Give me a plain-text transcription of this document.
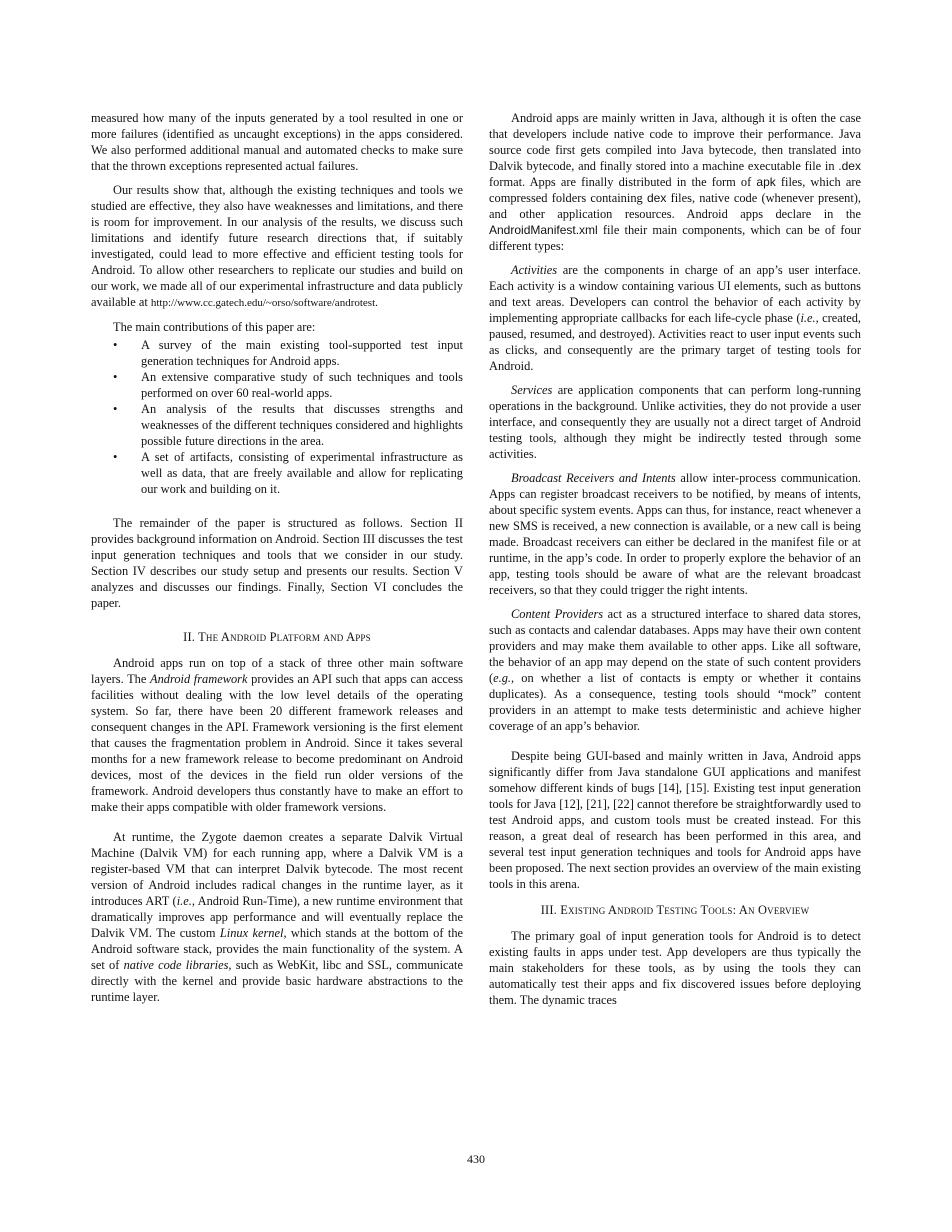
measured how many of the inputs generated by a tool resulted in one or more failures (identified as uncaught exceptions) in the apps considered. We also performed additional manual and automated checks to make sure that the thrown exceptions represented actual failures.

Our results show that, although the existing techniques and tools we studied are effective, they also have weaknesses and limitations, and there is room for improvement. In our analysis of the results, we discuss such limitations and identify future research directions that, if suitably investigated, could lead to more effective and efficient testing tools for Android. To allow other researchers to replicate our studies and build on our work, we made all of our experimental infrastructure and data publicly available at http://www.cc.gatech.edu/~orso/software/androtest.

The main contributions of this paper are:

• A survey of the main existing tool-supported test input generation techniques for Android apps.
• An extensive comparative study of such techniques and tools performed on over 60 real-world apps.
• An analysis of the results that discusses strengths and weaknesses of the different techniques considered and highlights possible future directions in the area.
• A set of artifacts, consisting of experimental infrastructure as well as data, that are freely available and allow for replicating our work and building on it.

The remainder of the paper is structured as follows. Section II provides background information on Android. Section III discusses the test input generation techniques and tools that we consider in our study. Section IV describes our study setup and presents our results. Section V analyzes and discusses our findings. Finally, Section VI concludes the paper.

II. The Android Platform and Apps

Android apps run on top of a stack of three other main software layers. The Android framework provides an API such that apps can access facilities without dealing with the low level details of the operating system. So far, there have been 20 different framework releases and consequent changes in the API. Framework versioning is the first element that causes the fragmentation problem in Android. Since it takes several months for a new framework release to become predominant on Android devices, most of the devices in the field run older versions of the framework. Android developers thus constantly have to make an effort to make their apps compatible with older framework versions.

At runtime, the Zygote daemon creates a separate Dalvik Virtual Machine (Dalvik VM) for each running app, where a Dalvik VM is a register-based VM that can interpret Dalvik bytecode. The most recent version of Android includes radical changes in the runtime layer, as it introduces ART (i.e., Android Run-Time), a new runtime environment that dramatically improves app performance and will eventually replace the Dalvik VM. The custom Linux kernel, which stands at the bottom of the Android software stack, provides the main functionality of the system. A set of native code libraries, such as WebKit, libc and SSL, communicate directly with the kernel and provide basic hardware abstractions to the runtime layer.

Android apps are mainly written in Java, although it is often the case that developers include native code to improve their performance. Java source code first gets compiled into Java bytecode, then translated into Dalvik bytecode, and finally stored into a machine executable file in .dex format. Apps are finally distributed in the form of apk files, which are compressed folders containing dex files, native code (whenever present), and other application resources. Android apps declare in the AndroidManifest.xml file their main components, which can be of four different types:

Activities are the components in charge of an app’s user interface. Each activity is a window containing various UI elements, such as buttons and text areas. Developers can control the behavior of each activity by implementing appropriate callbacks for each life-cycle phase (i.e., created, paused, resumed, and destroyed). Activities react to user input events such as clicks, and consequently are the primary target of testing tools for Android.

Services are application components that can perform long-running operations in the background. Unlike activities, they do not provide a user interface, and consequently they are usually not a direct target of Android testing tools, although they might be indirectly tested through some activities.

Broadcast Receivers and Intents allow inter-process communication. Apps can register broadcast receivers to be notified, by means of intents, about specific system events. Apps can thus, for instance, react whenever a new SMS is received, a new connection is available, or a new call is being made. Broadcast receivers can either be declared in the manifest file or at runtime, in the app’s code. In order to properly explore the behavior of an app, testing tools should be aware of what are the relevant broadcast receivers, so that they could trigger the right intents.

Content Providers act as a structured interface to shared data stores, such as contacts and calendar databases. Apps may have their own content providers and may make them available to other apps. Like all software, the behavior of an app may depend on the state of such content providers (e.g., on whether a list of contacts is empty or whether it contains duplicates). As a consequence, testing tools should “mock” content providers in an attempt to make tests deterministic and achieve higher coverage of an app’s behavior.

Despite being GUI-based and mainly written in Java, Android apps significantly differ from Java standalone GUI applications and manifest somehow different kinds of bugs [14], [15]. Existing test input generation tools for Java [12], [21], [22] cannot therefore be straightforwardly used to test Android apps, and custom tools must be created instead. For this reason, a great deal of research has been performed in this area, and several test input generation techniques and tools for Android apps have been proposed. The next section provides an overview of the main existing tools in this arena.

III. Existing Android Testing Tools: An Overview

The primary goal of input generation tools for Android is to detect existing faults in apps under test. App developers are thus typically the main stakeholders for these tools, as by using the tools they can automatically test their apps and fix discovered issues before deploying them. The dynamic traces

430
